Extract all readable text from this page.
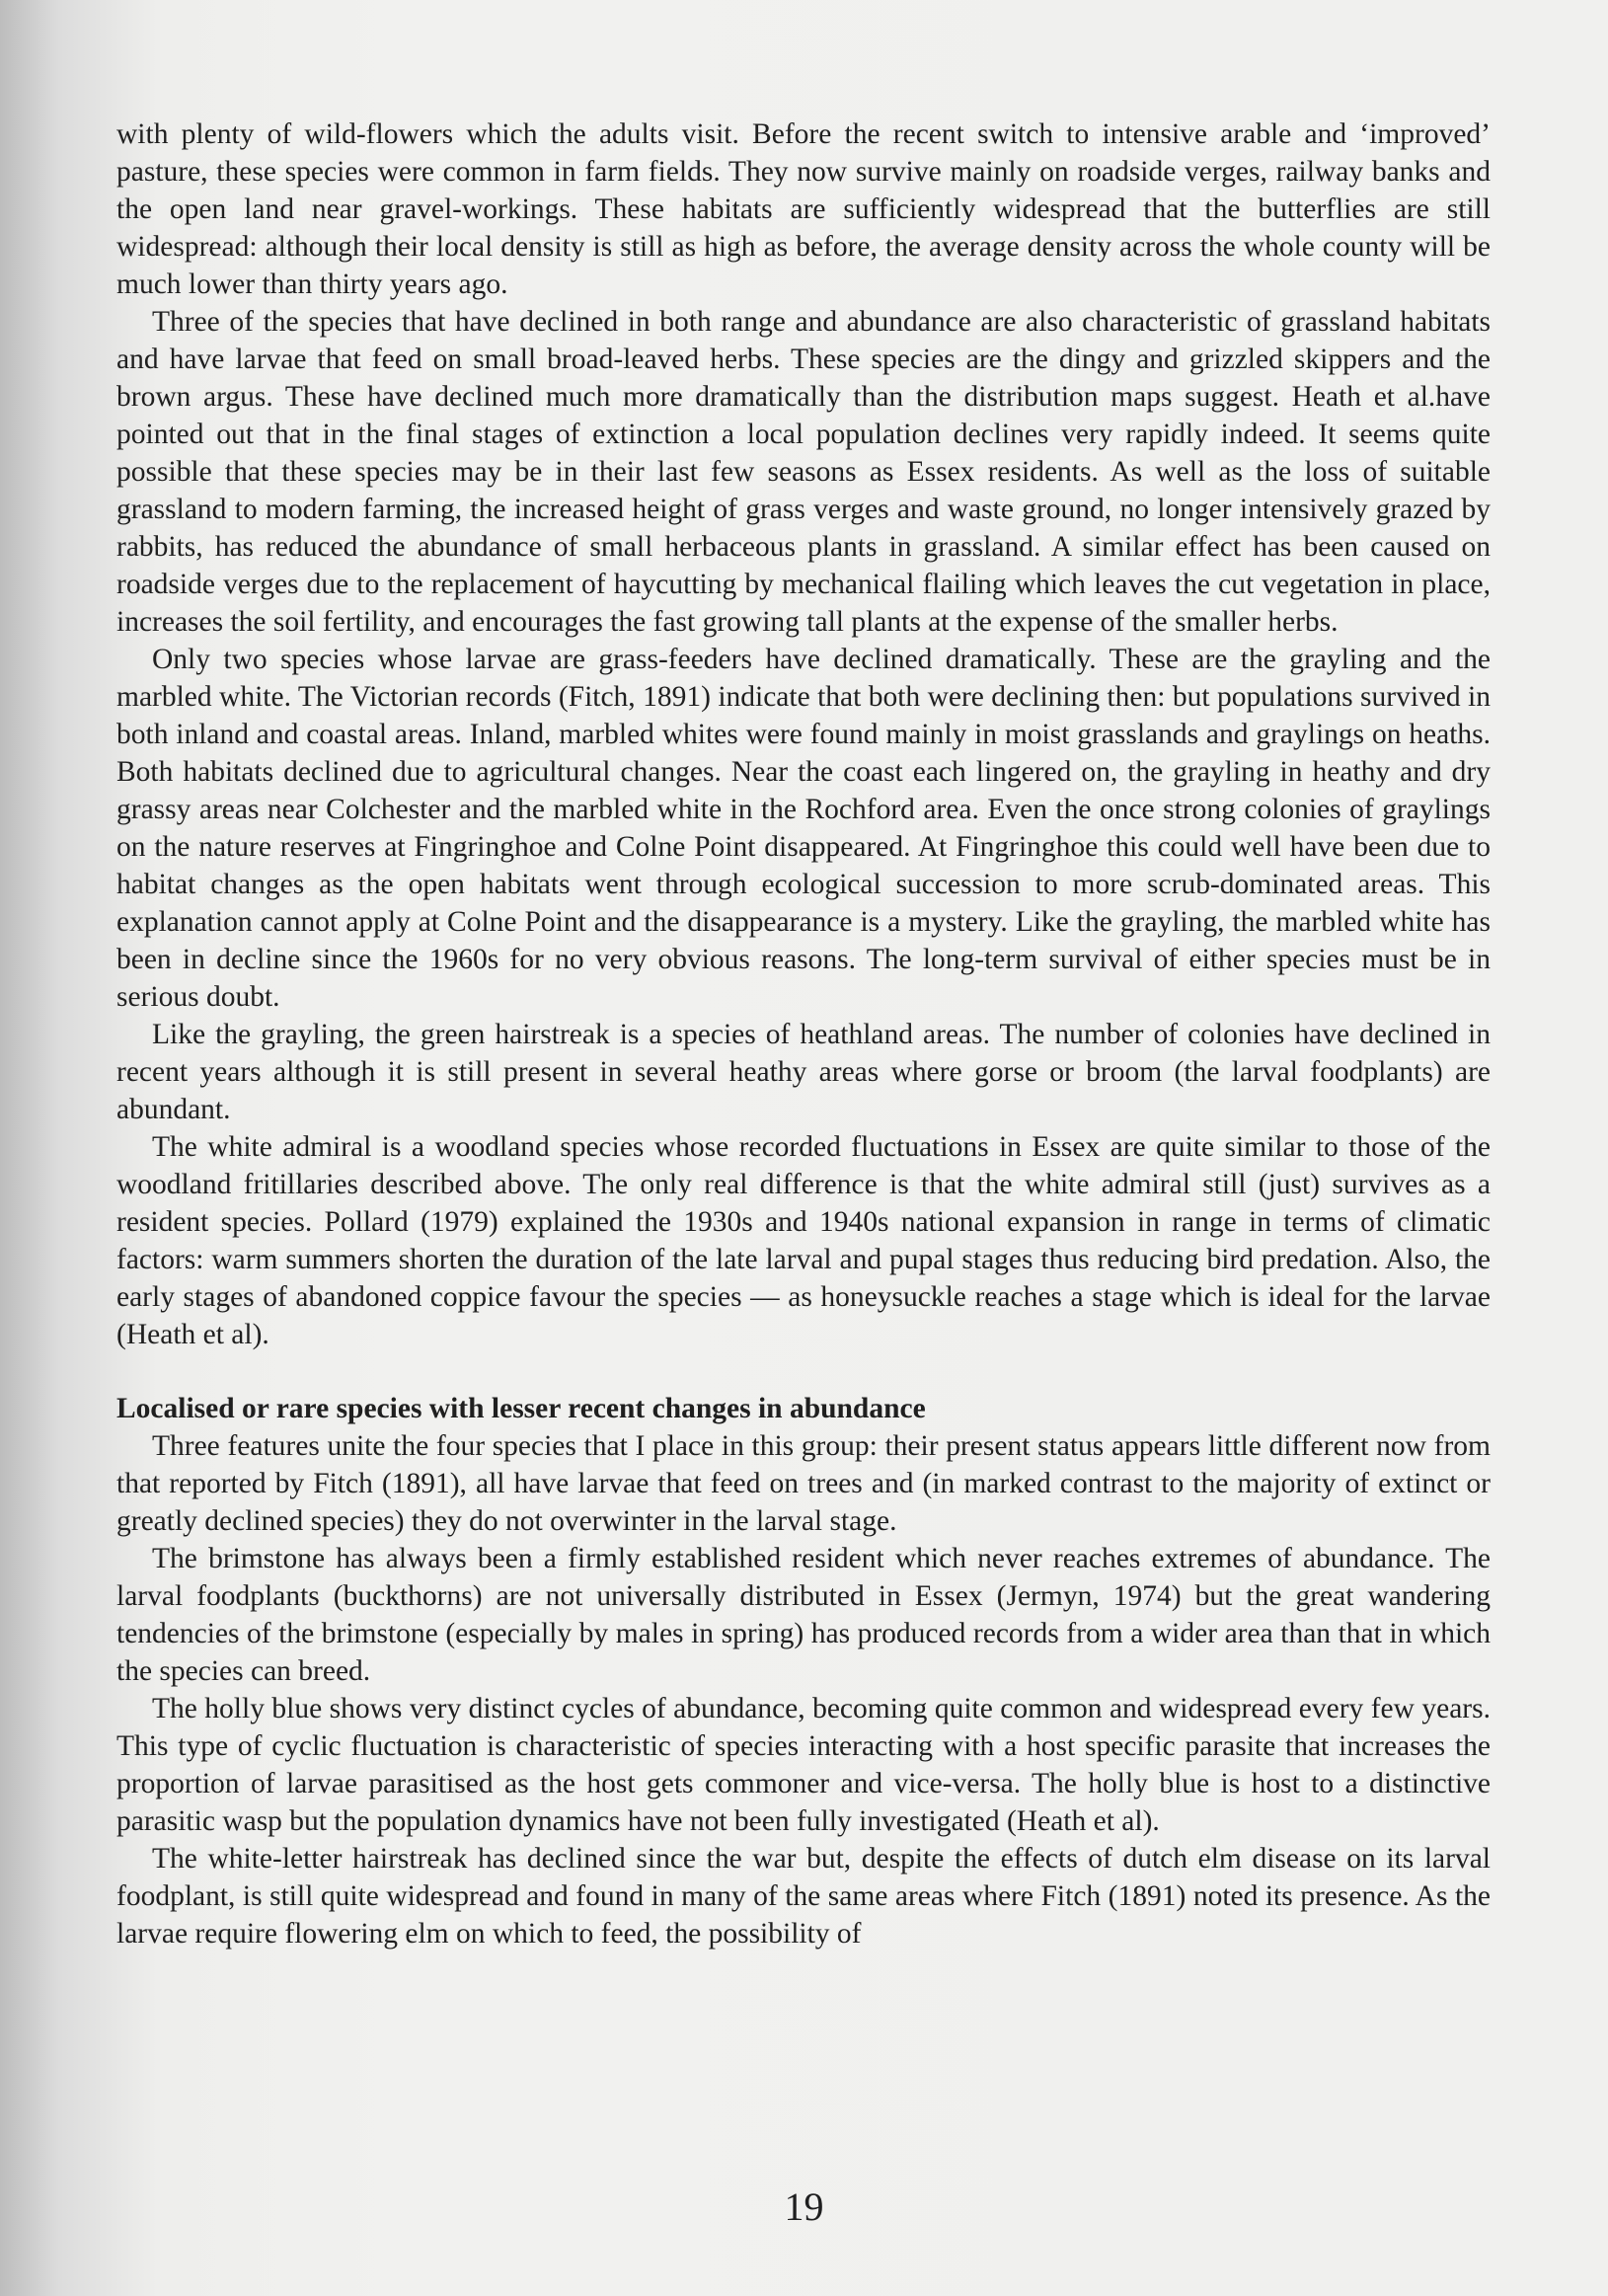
with plenty of wild-flowers which the adults visit. Before the recent switch to intensive arable and ‘improved’ pasture, these species were common in farm fields. They now survive mainly on roadside verges, railway banks and the open land near gravel-workings. These habitats are sufficiently widespread that the butterflies are still widespread: although their local density is still as high as before, the average density across the whole county will be much lower than thirty years ago.

Three of the species that have declined in both range and abundance are also characteristic of grassland habitats and have larvae that feed on small broad-leaved herbs. These species are the dingy and grizzled skippers and the brown argus. These have declined much more dramatically than the distribution maps suggest. Heath et al.have pointed out that in the final stages of extinction a local population declines very rapidly indeed. It seems quite possible that these species may be in their last few seasons as Essex residents. As well as the loss of suitable grassland to modern farming, the increased height of grass verges and waste ground, no longer intensively grazed by rabbits, has reduced the abundance of small herbaceous plants in grassland. A similar effect has been caused on roadside verges due to the replacement of haycutting by mechanical flailing which leaves the cut vegetation in place, increases the soil fertility, and encourages the fast growing tall plants at the expense of the smaller herbs.

Only two species whose larvae are grass-feeders have declined dramatically. These are the grayling and the marbled white. The Victorian records (Fitch, 1891) indicate that both were declining then: but populations survived in both inland and coastal areas. Inland, marbled whites were found mainly in moist grasslands and graylings on heaths. Both habitats declined due to agricultural changes. Near the coast each lingered on, the grayling in heathy and dry grassy areas near Colchester and the marbled white in the Rochford area. Even the once strong colonies of graylings on the nature reserves at Fingringhoe and Colne Point disappeared. At Fingringhoe this could well have been due to habitat changes as the open habitats went through ecological succession to more scrub-dominated areas. This explanation cannot apply at Colne Point and the disappearance is a mystery. Like the grayling, the marbled white has been in decline since the 1960s for no very obvious reasons. The long-term survival of either species must be in serious doubt.

Like the grayling, the green hairstreak is a species of heathland areas. The number of colonies have declined in recent years although it is still present in several heathy areas where gorse or broom (the larval foodplants) are abundant.

The white admiral is a woodland species whose recorded fluctuations in Essex are quite similar to those of the woodland fritillaries described above. The only real difference is that the white admiral still (just) survives as a resident species. Pollard (1979) explained the 1930s and 1940s national expansion in range in terms of climatic factors: warm summers shorten the duration of the late larval and pupal stages thus reducing bird predation. Also, the early stages of abandoned coppice favour the species — as honeysuckle reaches a stage which is ideal for the larvae (Heath et al).

Localised or rare species with lesser recent changes in abundance

Three features unite the four species that I place in this group: their present status appears little different now from that reported by Fitch (1891), all have larvae that feed on trees and (in marked contrast to the majority of extinct or greatly declined species) they do not overwinter in the larval stage.

The brimstone has always been a firmly established resident which never reaches extremes of abundance. The larval foodplants (buckthorns) are not universally distributed in Essex (Jermyn, 1974) but the great wandering tendencies of the brimstone (especially by males in spring) has produced records from a wider area than that in which the species can breed.

The holly blue shows very distinct cycles of abundance, becoming quite common and widespread every few years. This type of cyclic fluctuation is characteristic of species interacting with a host specific parasite that increases the proportion of larvae parasitised as the host gets commoner and vice-versa. The holly blue is host to a distinctive parasitic wasp but the population dynamics have not been fully investigated (Heath et al).

The white-letter hairstreak has declined since the war but, despite the effects of dutch elm disease on its larval foodplant, is still quite widespread and found in many of the same areas where Fitch (1891) noted its presence. As the larvae require flowering elm on which to feed, the possibility of

19
